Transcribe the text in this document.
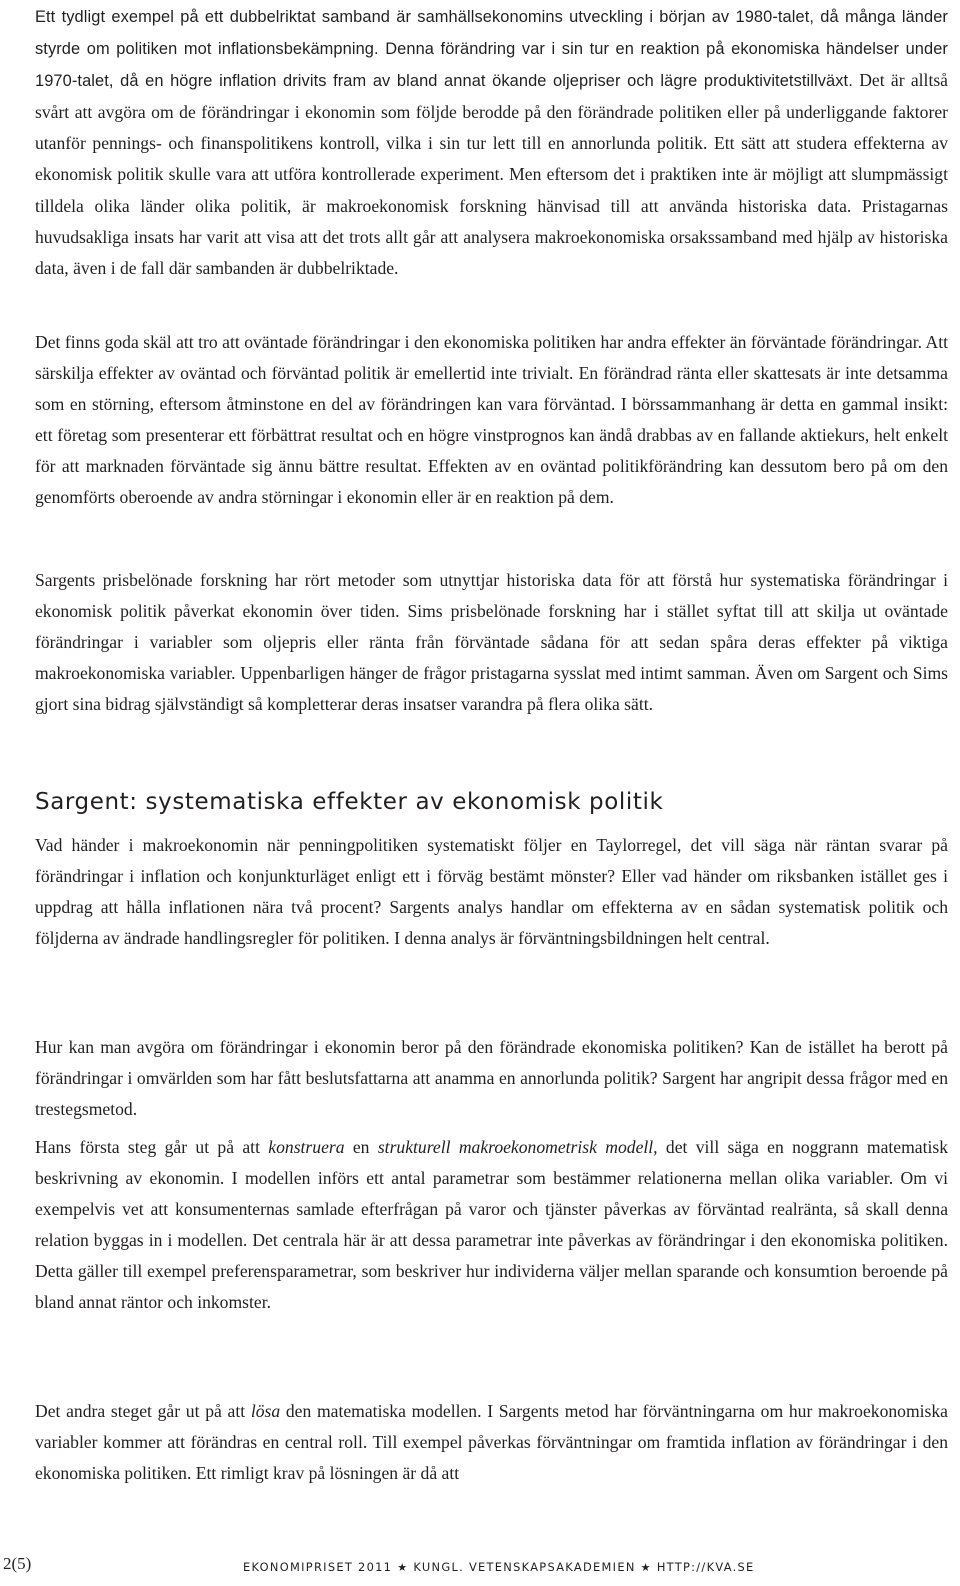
Ett tydligt exempel på ett dubbelriktat samband är samhällsekonomins utveckling i början av 1980-talet, då många länder styrde om politiken mot inflationsbekämpning. Denna förändring var i sin tur en reaktion på ekonomiska händelser under 1970-talet, då en högre inflation drivits fram av bland annat ökande oljepriser och lägre produktivitetstillväxt. Det är alltså svårt att avgöra om de förändringar i ekonomin som följde berodde på den förändrade politiken eller på underliggande faktorer utanför pennings- och finanspolitikens kontroll, vilka i sin tur lett till en annorlunda politik. Ett sätt att studera effekterna av ekonomisk politik skulle vara att utföra kontrollerade experiment. Men eftersom det i praktiken inte är möjligt att slumpmässigt tilldela olika länder olika politik, är makroekonomisk forskning hänvisad till att använda historiska data. Pristagarnas huvudsakliga insats har varit att visa att det trots allt går att analysera makroekonomiska orsakssamband med hjälp av historiska data, även i de fall där sambanden är dubbelriktade.

Det finns goda skäl att tro att oväntade förändringar i den ekonomiska politiken har andra effekter än förväntade förändringar. Att särskilja effekter av oväntad och förväntad politik är emellertid inte trivialt. En förändrad ränta eller skattesats är inte detsamma som en störning, eftersom åtminstone en del av förändringen kan vara förväntad. I börssammanhang är detta en gammal insikt: ett företag som presenterar ett förbättrat resultat och en högre vinstprognos kan ändå drabbas av en fallande aktiekurs, helt enkelt för att marknaden förväntade sig ännu bättre resultat. Effekten av en oväntad politikförändring kan dessutom bero på om den genomförts oberoende av andra störningar i ekonomin eller är en reaktion på dem.

Sargents prisbelönade forskning har rört metoder som utnyttjar historiska data för att förstå hur systematiska förändringar i ekonomisk politik påverkat ekonomin över tiden. Sims prisbelönade forskning har i stället syftat till att skilja ut oväntade förändringar i variabler som oljepris eller ränta från förväntade sådana för att sedan spåra deras effekter på viktiga makroekonomiska variabler. Uppenbarligen hänger de frågor pristagarna sysslat med intimt samman. Även om Sargent och Sims gjort sina bidrag självständigt så kompletterar deras insatser varandra på flera olika sätt.

Sargent: systematiska effekter av ekonomisk politik

Vad händer i makroekonomin när penningpolitiken systematiskt följer en Taylorregel, det vill säga när räntan svarar på förändringar i inflation och konjunkturläget enligt ett i förväg bestämt mönster? Eller vad händer om riksbanken istället ges i uppdrag att hålla inflationen nära två procent? Sargents analys handlar om effekterna av en sådan systematisk politik och följderna av ändrade handlingsregler för politiken. I denna analys är förväntningsbildningen helt central.

Hur kan man avgöra om förändringar i ekonomin beror på den förändrade ekonomiska politiken? Kan de istället ha berott på förändringar i omvärlden som har fått beslutsfattarna att anamma en annorlunda politik? Sargent har angripit dessa frågor med en trestegsmetod.

Hans första steg går ut på att konstruera en strukturell makroekonometrisk modell, det vill säga en noggrann matematisk beskrivning av ekonomin. I modellen införs ett antal parametrar som bestämmer relationerna mellan olika variabler. Om vi exempelvis vet att konsumenternas samlade efterfrågan på varor och tjänster påverkas av förväntad realränta, så skall denna relation byggas in i modellen. Det centrala här är att dessa parametrar inte påverkas av förändringar i den ekonomiska politiken. Detta gäller till exempel preferensparametrar, som beskriver hur individerna väljer mellan sparande och konsumtion beroende på bland annat räntor och inkomster.

Det andra steget går ut på att lösa den matematiska modellen. I Sargents metod har förväntningarna om hur makroekonomiska variabler kommer att förändras en central roll. Till exempel påverkas förväntningar om framtida inflation av förändringar i den ekonomiska politiken. Ett rimligt krav på lösningen är då att

2(5)	EKONOMIPRISET 2011 ★ KUNGL. VETENSKAPSAKADEMIEN ★ HTTP://KVA.SE
